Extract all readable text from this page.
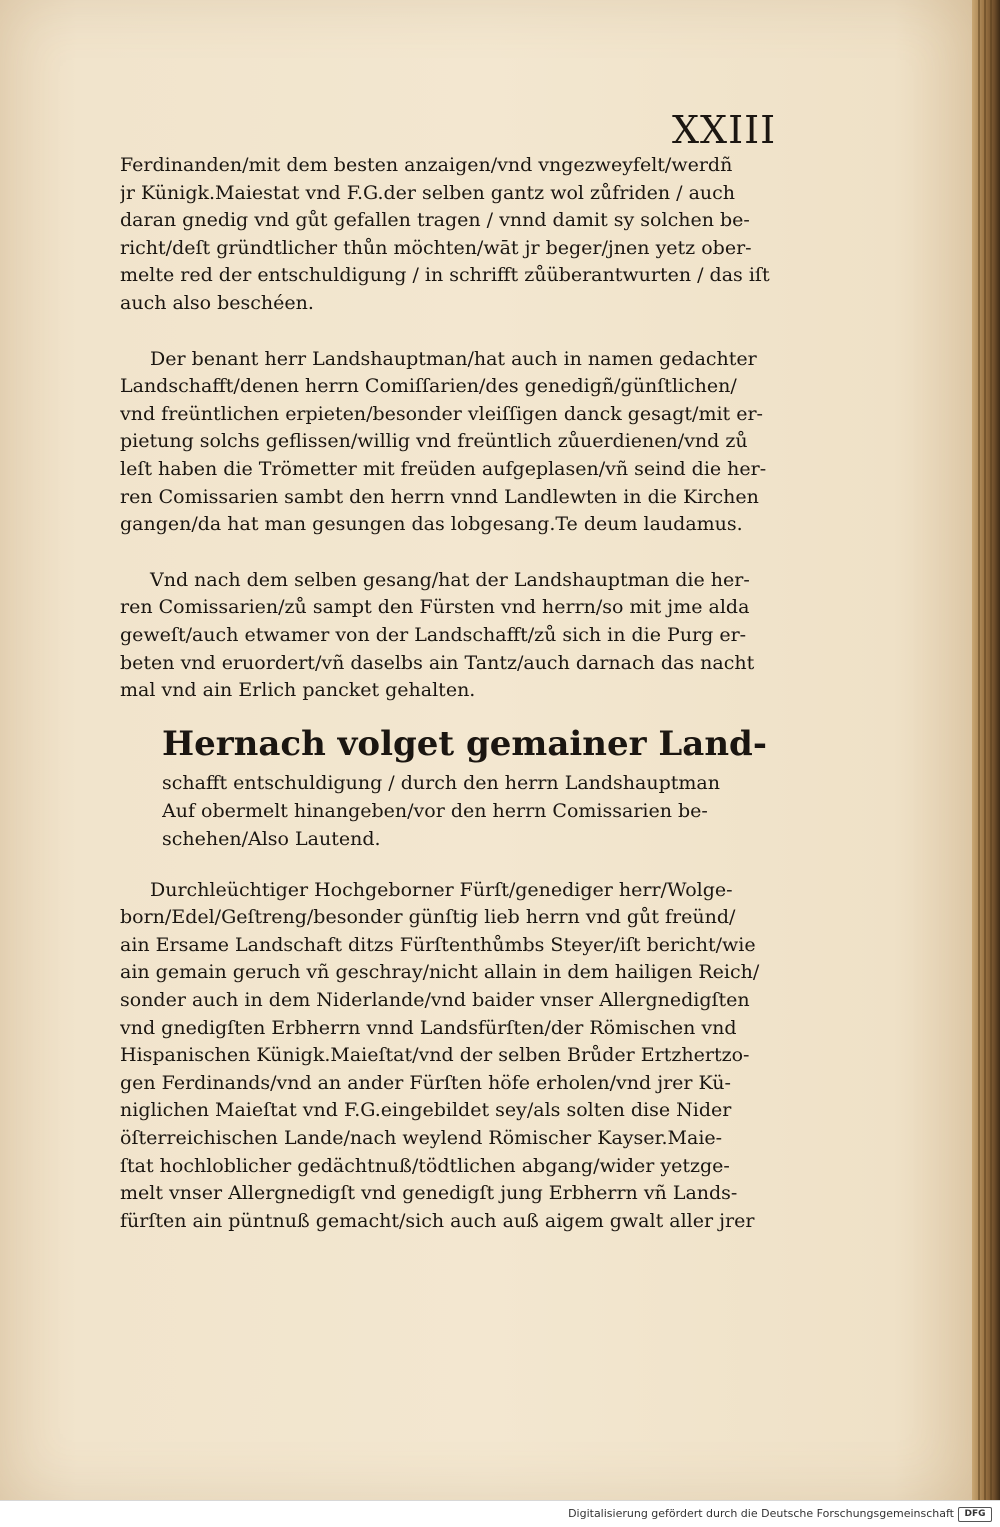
XXIII
Ferdinanden/mit dem besten anzaigen/vnd vngezweyfelt/werdñ
jr Künigk.Maiestat vnd F.G.der selben gantz wol zůfriden / auch
daran gnedig vnd gůt gefallen tragen / vnnd damit sy solchen be-
richt/deſt gründtlicher thůn möchten/wāt jr beger/jnen yetz ober-
melte red der entschuldigung / in schrifft zůüberantwurten / das iſt
auch also beschéen.
Der benant herr Landshauptman/hat auch in namen gedachter
Landschafft/denen herrn Comiſſarien/des genedigñ/günſtlichen/
vnd freüntlichen erpieten/besonder vleiſſigen danck gesagt/mit er-
pietung solchs geflissen/willig vnd freüntlich zůuerdienen/vnd zů
leſt haben die Trömetter mit freüden aufgeplasen/vñ seind die her-
ren Comissarien sambt den herrn vnnd Landlewten in die Kirchen
gangen/da hat man gesungen das lobgesang.Te deum laudamus.
Vnd nach dem selben gesang/hat der Landshauptman die her-
ren Comissarien/zů sampt den Fürsten vnd herrn/so mit jme alda
geweſt/auch etwamer von der Landschafft/zů sich in die Purg er-
beten vnd eruordert/vñ daselbs ain Tantz/auch darnach das nacht
mal vnd ain Erlich pancket gehalten.
Hernach volget gemainer Land-
schafft entschuldigung / durch den herrn Landshauptman
Auf obermelt hinangeben/vor den herrn Comissarien be-
schehen/Also Lautend.
Durchleüchtiger Hochgeborner Fürſt/genediger herr/Wolge-
born/Edel/Geſtreng/besonder günſtig lieb herrn vnd gůt freünd/
ain Ersame Landschaft ditzs Fürſtenthůmbs Steyer/iſt bericht/wie
ain gemain geruch vñ geschray/nicht allain in dem hailigen Reich/
sonder auch in dem Niderlande/vnd baider vnser Allergnedigſten
vnd gnedigſten Erbherrn vnnd Landsfürſten/der Römischen vnd
Hispanischen Künigk.Maieſtat/vnd der selben Brůder Ertzhertzo-
gen Ferdinands/vnd an ander Fürſten höfe erholen/vnd jrer Kü-
niglichen Maieſtat vnd F.G.eingebildet sey/als solten dise Nider
öſterreichischen Lande/nach weylend Römischer Kayser.Maie-
ſtat hochloblicher gedächtnuß/tödtlichen abgang/wider yetzge-
melt vnser Allergnedigſt vnd genedigſt jung Erbherrn vñ Lands-
fürſten ain püntnuß gemacht/sich auch auß aigem gwalt aller jrer
Digitalisierung gefördert durch die Deutsche Forschungsgemeinschaft	DFG
